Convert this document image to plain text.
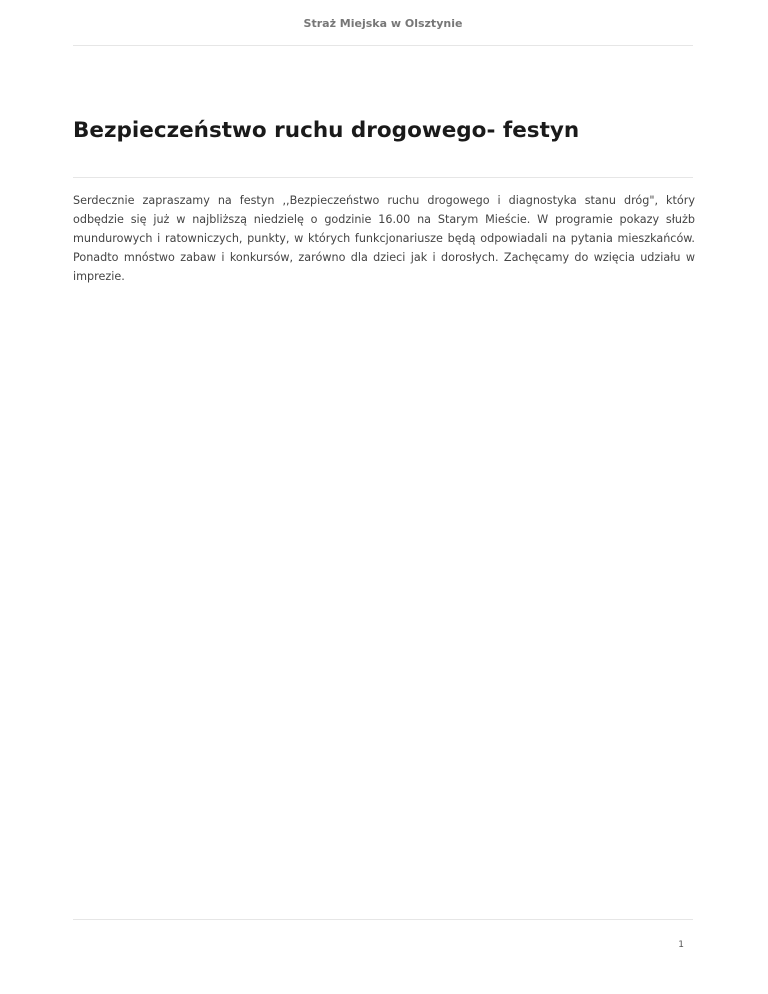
Straż Miejska w Olsztynie
Bezpieczeństwo ruchu drogowego- festyn

Serdecznie zapraszamy na festyn ,,Bezpieczeństwo ruchu drogowego i diagnostyka stanu dróg", który odbędzie się już w najbliższą niedzielę o godzinie 16.00 na Starym Mieście. W programie pokazy służb mundurowych i ratowniczych, punkty, w których funkcjonariusze będą odpowiadali na pytania mieszkańców. Ponadto mnóstwo zabaw i konkursów, zarówno dla dzieci jak i dorosłych. Zachęcamy do wzięcia udziału w imprezie.

1
